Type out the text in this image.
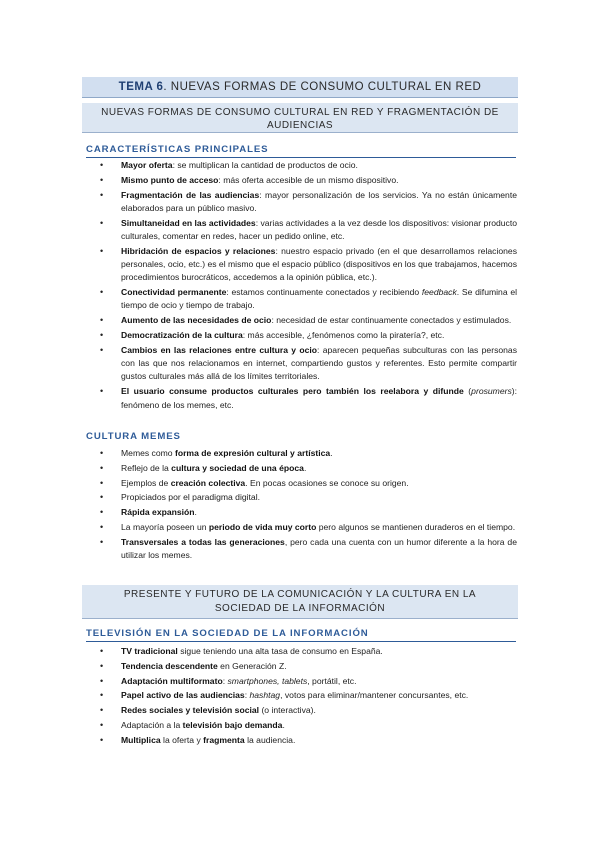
TEMA 6. NUEVAS FORMAS DE CONSUMO CULTURAL EN RED
NUEVAS FORMAS DE CONSUMO CULTURAL EN RED Y FRAGMENTACIÓN DE
AUDIENCIAS
CARACTERÍSTICAS PRINCIPALES
• Mayor oferta: se multiplican la cantidad de productos de ocio.
• Mismo punto de acceso: más oferta accesible de un mismo dispositivo.
• Fragmentación de las audiencias: mayor personalización de los servicios. Ya no están únicamente elaborados para un público masivo.
• Simultaneidad en las actividades: varias actividades a la vez desde los dispositivos: visionar producto culturales, comentar en redes, hacer un pedido online, etc.
• Hibridación de espacios y relaciones: nuestro espacio privado (en el que desarrollamos relaciones personales, ocio, etc.) es el mismo que el espacio público (dispositivos en los que trabajamos, hacemos procedimientos burocráticos, accedemos a la opinión pública, etc.).
• Conectividad permanente: estamos continuamente conectados y recibiendo feedback. Se difumina el tiempo de ocio y tiempo de trabajo.
• Aumento de las necesidades de ocio: necesidad de estar continuamente conectados y estimulados.
• Democratización de la cultura: más accesible, ¿fenómenos como la piratería?, etc.
• Cambios en las relaciones entre cultura y ocio: aparecen pequeñas subculturas con las personas con las que nos relacionamos en internet, compartiendo gustos y referentes. Esto permite compartir gustos culturales más allá de los límites territoriales.
• El usuario consume productos culturales pero también los reelabora y difunde (prosumers): fenómeno de los memes, etc.
CULTURA MEMES
• Memes como forma de expresión cultural y artística.
• Reflejo de la cultura y sociedad de una época.
• Ejemplos de creación colectiva. En pocas ocasiones se conoce su origen.
• Propiciados por el paradigma digital.
• Rápida expansión.
• La mayoría poseen un periodo de vida muy corto pero algunos se mantienen duraderos en el tiempo.
• Transversales a todas las generaciones, pero cada una cuenta con un humor diferente a la hora de utilizar los memes.
PRESENTE Y FUTURO DE LA COMUNICACIÓN Y LA CULTURA EN LA
SOCIEDAD DE LA INFORMACIÓN
TELEVISIÓN EN LA SOCIEDAD DE LA INFORMACIÓN
• TV tradicional sigue teniendo una alta tasa de consumo en España.
• Tendencia descendente en Generación Z.
• Adaptación multiformato: smartphones, tablets, portátil, etc.
• Papel activo de las audiencias: hashtag, votos para eliminar/mantener concursantes, etc.
• Redes sociales y televisión social (o interactiva).
• Adaptación a la televisión bajo demanda.
• Multiplica la oferta y fragmenta la audiencia.
